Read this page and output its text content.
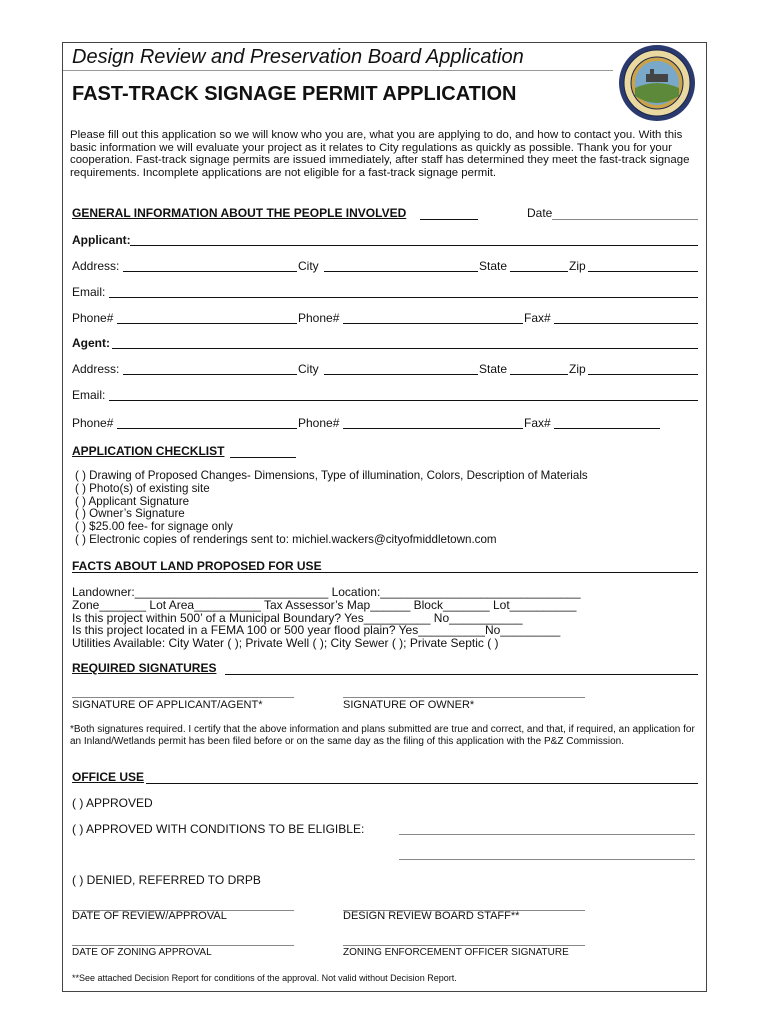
Design Review and Preservation Board Application
FAST-TRACK SIGNAGE PERMIT APPLICATION

Please fill out this application so we will know who you are, what you are applying to do, and how to contact you. With this basic information we will evaluate your project as it relates to City regulations as quickly as possible. Thank you for your cooperation. Fast-track signage permits are issued immediately, after staff has determined they meet the fast-track signage requirements. Incomplete applications are not eligible for a fast-track signage permit.

GENERAL INFORMATION ABOUT THE PEOPLE INVOLVED	Date
Applicant:
Address:	City	State	Zip
Email:
Phone#	Phone#	Fax#
Agent:
Address:	City	State	Zip
Email:
Phone#	Phone#	Fax#
APPLICATION CHECKLIST
( ) Drawing of Proposed Changes- Dimensions, Type of illumination, Colors, Description of Materials
( ) Photo(s) of existing site
( ) Applicant Signature
( ) Owner’s Signature
( ) $25.00 fee- for signage only
( ) Electronic copies of renderings sent to: michiel.wackers@cityofmiddletown.com
FACTS ABOUT LAND PROPOSED FOR USE
Landowner:_____________________________ Location:______________________________
Zone_______ Lot Area__________ Tax Assessor’s Map______ Block_______ Lot__________
Is this project within 500’ of a Municipal Boundary? Yes__________ No___________
Is this project located in a FEMA 100 or 500 year flood plain? Yes__________No_________
Utilities Available: City Water ( ); Private Well ( ); City Sewer ( ); Private Septic ( )
REQUIRED SIGNATURES
SIGNATURE OF APPLICANT/AGENT*	SIGNATURE OF OWNER*
*Both signatures required. I certify that the above information and plans submitted are true and correct, and that, if required, an application for an Inland/Wetlands permit has been filed before or on the same day as the filing of this application with the P&Z Commission.
OFFICE USE
( ) APPROVED
( ) APPROVED WITH CONDITIONS TO BE ELIGIBLE:
( ) DENIED, REFERRED TO DRPB
DATE OF REVIEW/APPROVAL	DESIGN REVIEW BOARD STAFF**
DATE OF ZONING APPROVAL	ZONING ENFORCEMENT OFFICER SIGNATURE
**See attached Decision Report for conditions of the approval. Not valid without Decision Report.
